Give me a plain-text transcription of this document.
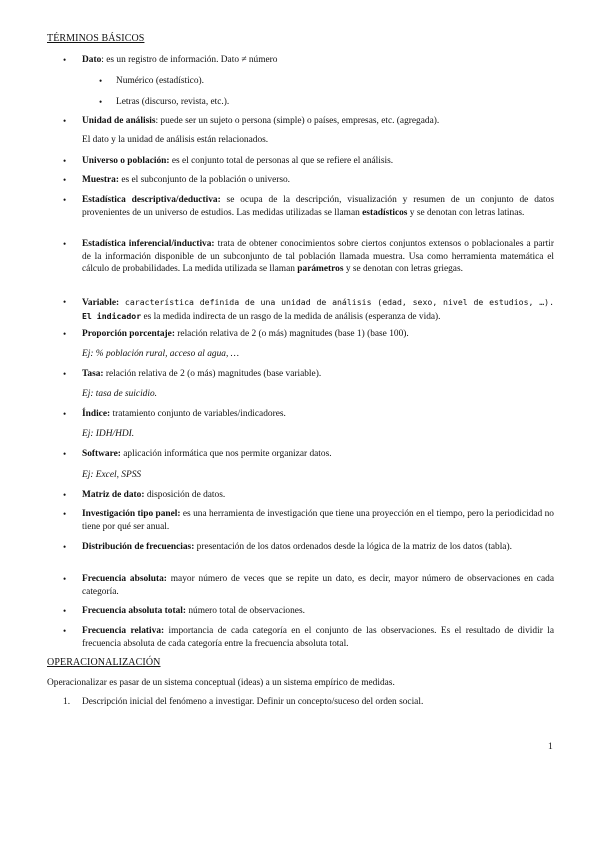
TÉRMINOS BÁSICOS
• Dato: es un registro de información. Dato ≠ número
• Numérico (estadístico).
• Letras (discurso, revista, etc.).
• Unidad de análisis: puede ser un sujeto o persona (simple) o países, empresas, etc. (agregada).
El dato y la unidad de análisis están relacionados.
• Universo o población: es el conjunto total de personas al que se refiere el análisis.
• Muestra: es el subconjunto de la población o universo.
• Estadística descriptiva/deductiva: se ocupa de la descripción, visualización y resumen de un conjunto de datos provenientes de un universo de estudios. Las medidas utilizadas se llaman estadísticos y se denotan con letras latinas.
• Estadística inferencial/inductiva: trata de obtener conocimientos sobre ciertos conjuntos extensos o poblacionales a partir de la información disponible de un subconjunto de tal población llamada muestra. Usa como herramienta matemática el cálculo de probabilidades. La medida utilizada se llaman parámetros y se denotan con letras griegas.
• Variable: característica definida de una unidad de análisis (edad, sexo, nivel de estudios, …). El indicador es la medida indirecta de un rasgo de la medida de análisis (esperanza de vida).
• Proporción porcentaje: relación relativa de 2 (o más) magnitudes (base 1) (base 100).
Ej: % población rural, acceso al agua, …
• Tasa: relación relativa de 2 (o más) magnitudes (base variable).
Ej: tasa de suicidio.
• Índice: tratamiento conjunto de variables/indicadores.
Ej: IDH/HDI.
• Software: aplicación informática que nos permite organizar datos.
Ej: Excel, SPSS
• Matriz de dato: disposición de datos.
• Investigación tipo panel: es una herramienta de investigación que tiene una proyección en el tiempo, pero la periodicidad no tiene por qué ser anual.
• Distribución de frecuencias: presentación de los datos ordenados desde la lógica de la matriz de los datos (tabla).
• Frecuencia absoluta: mayor número de veces que se repite un dato, es decir, mayor número de observaciones en cada categoría.
• Frecuencia absoluta total: número total de observaciones.
• Frecuencia relativa: importancia de cada categoría en el conjunto de las observaciones. Es el resultado de dividir la frecuencia absoluta de cada categoría entre la frecuencia absoluta total.
OPERACIONALIZACIÓN
Operacionalizar es pasar de un sistema conceptual (ideas) a un sistema empírico de medidas.
1. Descripción inicial del fenómeno a investigar. Definir un concepto/suceso del orden social.
1
